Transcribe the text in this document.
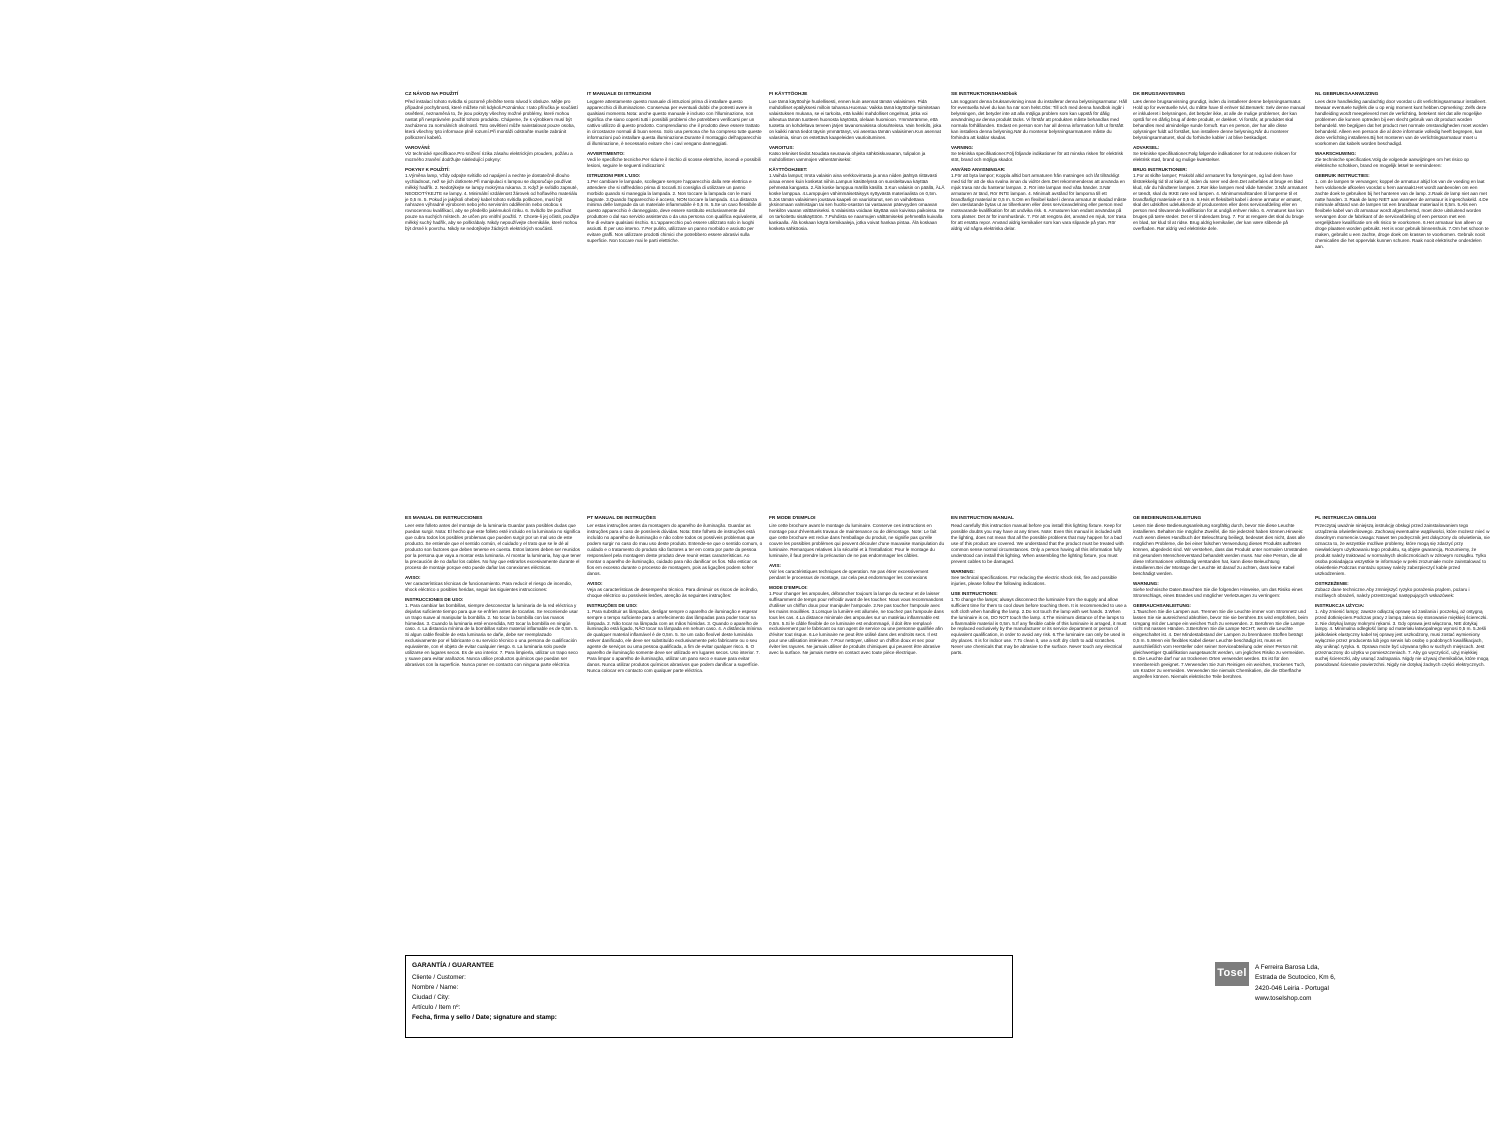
CZ NÁVOD NA POUŽITÍ

Před instalací tohoto svítidla si pozorně přečtěte tento návod k obsluze. Mějte pro případné pochybnosti, které můžete mít kdykoli.Poznámka: I tato příručka je součástí osvětlení, neznaměná to, že jsou pokryty všechny možné problémy, které mohou nastat při nesprávném použití tohoto produktu. Chápeme, že s výrobkem musí být zacházeno za normálních okolností. Toto osvětlení může nainstalovat pouze osoba, která všechny tyto informace plně rozumí.Při montáži odstraňte musíte zabránit poškození kabelů.

VAROVÁNÍ:

Viz technické specifikace.Pro snížení rizika zásahu elektrickým proudem, požáru a mozného zranění dodržujte následující pokyny:

POKYNY K POUŽITÍ:

1.Výměna lamp, Vždy odpojte svítidlo od napájení a nechte je dostatečně dlouho vychladnout, než se jich dotknete.Při manipulaci s lampou se doporučuje používat měkký hadřík. 2. Nedotýkejte se lampy mokrýma rukama. 3. Když je svítidlo zapnuté, NEODOTÝKEJTE se lampy. 4. Minimální vzdálenost žárovek od hořlavého materiálu je 0,5 m. 5. Pokud je jakýkoli ohebný kabel tohoto svítidla poškozen, musí být nahrazen výhradně výrobcem nebo jeho servisním oddělením nebo osobou s rovnocennou kvalifikací, aby se předešlo jakémukoli riziku. 6. Svítidlo lze používat pouze na suchých místech. Je určen pro vnitřní použití. 7. Chcete-li jej očistit, použijte měkký suchý hadřík, aby se poškrábaly. Nikdy nepoužívejte chemikálie, které mohou být drsné k povrchu. Nikdy se nedotýkejte žádných elektrických součástí.

IT MANUALE DI ISTRUZIONI

Leggere attentamente questo manuale di istruzioni prima di installare questo apparecchio di illuminazione. Conservaa per eventuali dubbi che potresti avere in qualsiasi momento.Nota: anche questo manuale è incluso con l'illuminazione, non significa che siano coperti tutti i possibili problemi che potrebbero verificarsi per un cattivo utilizzo di questo prodotto. Comprendiamo che il prodotto deve essere trattato in circostanze normali di buon senso. Solo una persona che ha compreso tutte queste informazioni può installare questa illuminazione.Durante il montaggio dell'apparecchio di illuminazione, è necessario evitare che i cavi vengano danneggiati.

AVVERTIMENTO:

Vedi le specifiche tecniche.Per ridurre il rischio di scosse elettriche, incendi e possibili lesioni, seguire le seguenti indicazioni:

ISTRUZIONI PER L'USO:

1.Per cambiare le lampade, scollegare sempre l'apparecchio dalla rete elettrica e attendere che si raffreddino prima di toccarli.Si consiglia di utilizzare un panno morbido quando si maneggia la lampada. 2. Non toccare la lampada con le mani bagnate. 3.Quando l'apparecchio è acceso, NON toccare la lampada. 4.La distanza minima delle lampade da un materiale infiammabile è 0,5 m. 5.Se un cavo flessibile di questo apparecchio è danneggiato, deve essere sostituito esclusivamente dal produttore o dal suo servizio assistenza o da una persona con qualifica equivalente, al fine di evitare qualsiasi rischio. 6.L'apparecchio può essere utilizzato solo in luoghi asciutti. È per uso interno. 7.Per pulirlo, utilizzare un panno morbido e asciutto per evitare graffi. Non utilizzare prodotti chimici che potrebbero essere abrasivi sulla superficie. Non toccare mai le parti elettriche.

FI KÄYTTÖOHJE

Lue tämä käyttöohje huolellisesti, ennen kuin asennat tämän valaisimen. Pidä mahdolliset epäilyksesi milloin tahansa.Huomaa: Vaikka tämä käyttöohje toimitetaan valaistuksen mukana, se ei tarkoita, että kaikki mahdolliset ongelmat, jotka voi aiheutua tämän tuotteen huonosta käytöstä, olelaan huomioon. Ymmärrämme, että tuotetta on kohdeltava terveen järjen tavanomaisissa olosuhteissa. Vain henkilö, joka on kaikki nämä tiedot täysin ymmärtänyt, voi asentaa tämän valaisimen.Kun asennat valasimia, sinun on estettävä kaapeleiden vaurioituminen.

VAROITUS:

Katso tekniset tiedot.Noudata seuraavia ohjeita sähköiskuvaaran, tulipalon ja mahdollisten vammojen vähentämiseksi:

KÄYTTÖOHJEET:

1.Vaihda lamput; Irrota valaisin aina verkkovirrasta ja anna niiden jäähtyä riittävästi ainaa ennen kuin kosketat niihin.Lampun käsittelyssä on suositeltavaa käyttää pehmeää kangasta. 2.Älä koske lamppua märillä käsillä. 3.Kun valaisin on päällä, ÄLÄ koske lamppua. 4.Lamppujen vähimmäisetäisyys syttyvästä materiaalista on 0,5m. 5.Jos tämän valaisimen joustava kaapeli on vaurioitunut, sen on vaihdettava yksinomaan valmistajan tai sen huolto-osaston tai vastaavan pätevyyden omaavan henkilön vaaran välttämiseksi. 6.Valaisinta voidaan käyttää vain kuivissa paikoissa. Se on tarkoitettu sisäkäyttöön. 7.Puhdista se naarmujen välttämiseksi pehmeällä kuivalla kankaalla. Älä koskaan käytä kemikaaleja, jotka voivat hankaa pintaa. Älä koskaan kosketa sähköosia.

SE INSTRUKTIONSHANDbok

Läs noggrant denna bruksanvisning innan du installerar denna belysningsarmatur. Håll för eventuella tvivel du kan ha när som helst.Obs: Till och med denna handbok ingår i belysningen, det betyder inte att alla möjliga problem som kan uppstå för dålig användning av denna produkt täcks. Vi förstår att produkten måste behandlas med normala förhållanden. Endast en person som har all denna information fullt ut förstått kan installera denna belysning.När du monterar belysningsarmaturen måste du förhindra att kablar skadas.

VARNING:

Se tekniska specifikationer.Följ följande indikationer för att minska risken för elektrisk stöt, brand och möjliga skador.

ANVÄND ANVISNINGAR:

1.För att byta lampor; Koppla alltid bort armaturen från matningen och låt tillräckligt med tid för att de ska svalna innan du vidrör dem.Det rekommenderas att använda en mjuk trasa när du hanterar lampan. 2. Rör inte lampan med våta händer. 3.När armaturen är tänd, Rör INTE lampan. 4. Minimalt avstånd för lamporna till ett brandfarligt material är 0,5 m. 5.Om en flexibel kabel i denna armatur är skadad måste den uteslutande bytas ut av tillverkaren eller dess serviceavdelning eller person med motsvarande kvalifikation för att undvika risk. 6. Armaturen kan endast användas på torra platser. Det är för inomhusbruk. 7. För att rengöra det, använd en mjuk, torr trasa för att ersätta repor. Använd aldrig kemikalier som kan vara slipande på ytan. Rör aldrig vid några elektriska delar.

DK BRUGSANVISNING

Læs denne brugsanvisning grundigt, inden du installerer denne belysningsarmatur. Hold op for eventuelle tvivl, du måtte have til enhver tid.Bemærk: Selv denne manual er inkluderet i belysningen, det betyder ikke, at alle de mulige problemer, der kan opstå for en dårlig brug af dette produkt, er dækket. Vi forstår, at produktet skal behandles med almindelige sunde fornuft. Kun en person, der har alle disse oplysninger fuldt ud forstået, kan installere denne belysning.Når du monterer belysningsarmaturet, skal du forhindre kabler i at blive beskadiget.

ADVARSEL:

Se tekniske specifikationer.Følg følgende indikationer for at reducere risikoen for elektrisk stød, brand og mulige kvæstelser.

BRUG INSTRUKTIONER:

1.For at skifte lamper; Frakobl altid armaturet fra forsyningen, og lad dem have tilstrækkelig tid til at køle af, inden du rører ved dem.Det anbefales at bruge en blød klud, når du håndterer lampen. 2.Rør ikke lampen med våde hænder. 3.Når armaturet er tændt, skal du IKKE røre ved lampen. 4. Minimumsafstanden til lamperne til et brandfarligt materiale er 0,5 m. 5.Hvis et fleksibelt kabel i denne armatur er ømatet, skal det udskiftes udelukkende af producenten eller dens serviceafdeling eller en person med tilsvarende kvalifikation for at undgå enhver risiko. 6. Armaturet kan kun bruges på tørre steder. Det er til indendørs brug. 7. For at rengøre det skal du bruge en blød, tør klud til at ridse. Brug aldrig kemikalier, der kan være slibende på overfladen. Rør aldrig ved elektriske dele.

NL GEBRUIKSAANWIJZING

Lees deze handleiding aandachtig door voordat u dit verlichtingsarmatuur installeert. Bewaar eventuele twijfels die u op enig moment kunt hebben.Opmerking: Zelfs deze handleiding wordt meegeleverd met de verlichting, betekent niet dat alle mogelijke problemen die kunnen optreden bij een slecht gebruik van dit product worden behandeld. We begrijpen dat het product met normale omstandigheden moet worden behandeld. Alleen een persoon die al deze informatie volledig heeft begrepen, kan deze verlichting installeren.Bij het monteren van de verlichtingsarmatuur moet u voorkomen dat kabels worden beschadigd.

WAARSCHUWING:

Zie technische specificaties.Volg de volgende aanwijzingen om het risico op elektrische schokken, brand en mogelijk letsel te verminderen:

GEBRUIK INSTRUCTIES:

1. om de lampen te vervangen; koppel de armatuur altijd los van de voeding en laat hem voldoende afkoelen voordat u hem aanraakt.Het wordt aanbevolen om een zachte doek te gebruiken bij het hanteren van de lamp. 2.Raak de lamp niet aan met natte handen. 3. Raak de lamp NIET aan wanneer de armatuur is ingeschakeld. 4.De minimale afstand van de lampen tot een brandbaar materiaal is 0,5m. 5.Als een flexibele kabel van dit armatuur wordt afgeschermd, moet deze uitsluitend worden vervangen door de fabrikant of de serviceafdeling of een persoon met een vergelijkbare kwalificatie om elk risico te voorkomen. 6.Het armatuur kan alleen op droge plaatsen worden gebruikt. Het is voor gebruik binnenshuis. 7.Om het schoon te maken, gebruikt u een zachte, droge doek om krassen te voorkomen. Gebruik nooit chemicaliën die het oppervlak kunnen schuren. Raak nooit elektrische onderdelen aan.

ES MANUAL DE INSTRUCCIONES

Leer este folleto antes del montaje de la luminaria Guardar para posibles dudas que puedan surgir. Nota: El hecho que este folleto esté incluido en la luminaria no significa que cubra todos los posibles problemas que pueden surgir por un mal uso de este producto. Se entiende que el sentido común, el cuidado y el trato que se le dé al producto son factores que deben tenerse en cuenta. Estos latores deben ser reunidos por la persona que vaya a montar esta luminaria. Al montar la luminaria, hay que tener la precaución de no dañar los cables. No hay que estirarlos excesivamente durante el proceso de montaje porque esto puede dañar las conexiones eléctricas.

AVISO:

Ver características técnicas de funcionamiento. Para reducir el riesgo de incendio, shock eléctrico o posibles heridas, seguir las siguientes instrucciones:

INSTRUCCIONES DE USO:

1. Para cambiar las bombillas, siempre desconectar la luminaria de la red eléctrica y dejarlas suficiente tiempo para que se enfríen antes de tocarlas. Se recomiende usar un trapo suave al manipular la bombilla. 2. No tocar la bombilla con las manos húmedas. 3. Cuando la luminaria esté encendida, NO tocar la bombilla en ningún caso. 4. La distancia mínima de la bombillas sobre material inflamable es de 0,5m. 5. Si algun cable flexible de esta luminaria se dañe, debe ser reemplazado exclusivamente por el fabricante o su servicio técnico o una persona de cualificación equivalente, con el objeto de evitar cualquier riesgo. 6. La luminaria solo puede utilizarse en lugares secos. Es de uso interior. 7. Para limpierla, utilizar un trapo seco y suave para evitar arañazos. Nunca utilice productos químicos que puedan ser abrasivos con la superficie. Nunca poner en contacto con ninguna parte eléctrica

PT MANUAL DE INSTRUÇÕES

Ler estas instruções antes da montagem do aparelho de iluminação. Guardar as instruções para o caso de possíveis dúvidas. Nota: Este folheto de instruções está incluído no aparelho de iluminação e não cobre todos os possíveis problemas que podem surgir no caso do mau uso deste produto. Entende-se que o sentido comum, o cuidado e o tratamento do produto são factores a ter em conta por parte da pessoa responsável pela montagem deste produto deve reunir estas características. Ao montar o aparelho de iluminação, cuidado para não danificar os fios. Não esticar os fios em excesso durante o processo de montagem, pois as ligações podem sofrer danos.

AVISO:

Veja as características de desempenho técnico. Para diminuir os riscos de incêndio, choque eléctrico ou possíveis lesões, atenção às seguintes instruções:

INSTRUÇÕES DE USO:

1. Para substituir as lâmpadas, desligar sempre o aparelho de iluminação e esperar sempre o tempo suficiente para o arrefecimento das lâmpadas para poder tocar na lâmpada. 2. Não tocar na lâmpada com as mãos húmidas. 3. Quando o aparelho de iluminação está ligado, NÃO tocar na lâmpada em nehum caso. 4. A distância mínima de qualquer material inflamável é de 0,5m. 5. Se um cabo flexível deste luminária estiver danificado, ele deve ser substituído exclusivamente pelo fabricante ou o seu agente de serviços ou uma pessoa qualificada, a fim de evitar qualquer risco. 6. O aparelho de iluminação somente deve ser utilizado em lugares secos. Uso interior. 7. Para limpar o aparelho de iluminação, utilizar um pano seco e suave para evitar danos. Nunca utilizar produtos químicos abrasivos que podem danificar a superfície. Nunca colocar em contacto com qualquer parte eléctrica.

FR MODE D'EMPLOI

Lire cette brochure avant le montage du luminaire. Conserve ces instructions en montage pour d'éventuels travaux de maintenance ou de démontage. Note: Le fait que cette brochure est reclue dans l'emballage du produit, ne signifie pas qu'elle couvre les possibles problèmes qui peuvent découler d'une mauvaise manipulation du luminaire. Remarques relatives à la sécurité et à l'installation: Pour le montage du luminaire, il faut prendre la précaution de ne pas endommager les câbles.

AVIS:

Voir les caractéristiques techniques de operation. Ne pas étirer excessivement pendant le processus de montage, car cela peut endommager les connexions

MODE D'EMPLOI:

1.Pour changer les ampoules, débrancher toujours la lampe du secteur et de laisser suffisamment de temps pour refroidir avant de les toucher. Nous vous recommandons d'utiliser un chiffon doux pour manipuler l'ampoule. 2.Ne pas toucher l'ampoule avec les mains mouillées. 3.Lorsque la lumière est allumée, ne touchez pas l'ampoule dans tous les cas. 4.La distance minimale des ampoules sur un matériau inflammable est 0,5m. 5.Si le câble flexible de ce luminaire est endommagé, il doit être remplacé exclusivement par le fabricant ou son agent de service ou une personne qualifiée afin d'éviter tout risque. 6.Le luminaire ne peut être utilisé dans des endroits secs. Il est pour une utilisation intérieure. 7.Pour nettoyer, utilisez un chiffon doux et sec pour éviter les rayures. Ne jamais utiliser de produits chimiques qui peuvent être abrasive avec la surface. Ne jamais mettre en contact avec toute pièce électrique.

EN INSTRUCTION MANUAL

Read carefully this instruction manual before you install this lighting fixture. Keep for possible doubts you may have at any times. Note: Even this manual is included with the lighting, does not mean that all the possible problems that may happen for a bad use of this product are covered. We understand that the product must be treated with common sense normal circumstances. Only a person having all this information fully understood can install this lighting. When assembling the lighting fixture, you must prevent cables to be damaged.

WARNING:

See technical specifications. For reducing the electric shock risk, fire and possible injuries, please follow the following indications.

USE INSTRUCTIONS:

1.To change the lamps; always disconnect the luminaire from the supply and allow sufficient time for them to cool down before touching them. It is recommended to use a soft cloth when handling the lamp. 2.Do not touch the lamp with wet hands. 3.When the luminaire is on, DO NOT touch the lamp. 4.The minimum distance of the lamps to a flammable material is 0,5m. 5.If any flexible cable of this luminaire is arraged, it must be replaced exclusively by the manufacturer or its service department or person of equivalent qualification, in order to avoid any risk. 6.The luminaire can only be used in dry places. It is for indoor use. 7.To clean it, use a soft dry cloth to add scratches. Never use chemicals that may be abrasive to the surface. Never touch any electrical parts.

GE BEDIENUNGSANLEITUNG

Lesen Sie diese Bedienungsanleitung sorgfältig durch, bevor Sie diese Leuchte installieren. Behalten Sie mögliche Zweifel, die Sie jederzeit haben können.Hinweis: Auch wenn dieses Handbuch der Beleuchtung beiliegt, bedeutet dies nicht, dass alle möglichen Probleme, die bei einer falschen Verwendung dieses Produkts auftreten können, abgedeckt sind. Wir verstehen, dass das Produkt unter normalen Umständen mit gesundem Menschenverstand behandelt werden muss. Nur eine Person, die all diese Informationen vollständig verstanden hat, kann diese Beleuchtung installieren.Bei der Montage der Leuchte ist darauf zu achten, dass keine Kabel beschädigt werden.

WARNUNG:

Siehe technische Daten.Beachten Sie die folgenden Hinweise, um das Risiko eines Stromschlags, eines Brandes und möglicher Verletzungen zu verringern:

GEBRAUCHSANLEITUNG:

1.Tauschen Sie die Lampen aus. Trennen Sie die Leuchte immer vom Stromnetz und lassen Sie sie ausreichend abkühlen, bevor Sie sie berühren.Es wird empfohlen, beim Umgang mit der Lampe ein weiches Tuch zu verwenden. 2. Berühren Sie die Lampe nicht mit nassen Händen. 3.Berühren Sie die Lampe NICHT, wenn die Leuchte eingeschaltet ist. 4. Der Mindestabstand der Lampen zu brennbaren Stoffen beträgt 0,5 m. 5.Wenn ein flexibles Kabel dieser Leuchte beschädigt ist, muss es ausschließlich vom Hersteller oder seiner Serviceabteilung oder einer Person mit gleichwertiger Qualifikation ausgetauscht werden, um jegliches Risiko zu vermeiden. 6. Die Leuchte darf nur an trockenen Orten verwendet werden. Es ist für den Innenbereich geeignet. 7.Verwenden Sie zum Reinigen ein weiches, trockenes Tuch, um Kratzer zu vermeiden. Verwenden Sie niemals Chemikalien, die die Oberfläche angreifen können. Niemals elektrische Teile berühren.

PL INSTRUKCJA OBSŁUGI

Przeczytaj uważnie niniejszą instrukcję obsługi przed zainstalowaniem tego urządzenia oświetleniowego. Zachowaj ewentualne wątpliwości, które możesz mieć w dowolnym momencie.Uwaga: Nawet ten podręcznik jest dołączony do oświetlenia, nie oznacza to, że wszystkie możliwe problemy, które mogą się zdarzyć przy niewłaściwym użytkowaniu tego produktu, są objęte gwarancją. Rozumiemy, że produkt należy traktować w normalnych okolicznościach w zdrowym rozsądku. Tylko osoba posiadająca wszystkie te informacje w pełni zrozumiałe może zainstalować to oświetlenie.Podczas montażu oprawy należy zabezpieczyć kable przed uszkodzeniem.

OSTRZEŻENIE:

Zobacz dane techniczne.Aby zmniejszyć ryzyko porażenia prądem, pożaru i możliwych obrażeń, należy przestrzegać następujących wskazówek:

INSTRUKCJA UŻYCIA:

1. Aby zmienić lampy; zawsze odłączaj oprawę od zasilania i poczekaj, aż ostygną przed dotknięciem.Podczas pracy z lampą zaleca się stosowanie miękkiej ściereczki. 2. Nie dotykaj lampy mokrymi rękami. 3. Gdy oprawa jest włączona, NIE dotykaj lampy. 4. Minimalna odległość lamp od materiału łatwopalnego wynosi 0,5 m. 5.Jeśli jakikolwiek elastyczny kabel tej oprawy jest uszkodzony, musi zostać wymieniony wyłącznie przez producenta lub jego serwis lub osobę o podobnych kwalifikacjach, aby uniknąć ryzyka. 6. Oprawa może być używana tylko w suchych miejscach. Jest przeznaczony do użytku w pomieszczeniach. 7. Aby go wyczyścić, użyj miękkiej suchej ściereczki, aby usunąć zadrapania. Nigdy nie używaj chemikaliów, które mogą powodować ścieranie powierzchni. Nigdy nie dotykaj żadnych części elektrycznych.

GARANTÍA / GUARANTEE
Cliente / Customer:
Nombre / Name:
Ciudad / City:
Artículo / Item nº:
Fecha, firma y sello / Date; signature and stamp:
Tosel	A Ferreira Barosa Lda,
Estrada de Scutocico, Km 6,
2420-046 Leiria - Portugal
www.toselshop.com
